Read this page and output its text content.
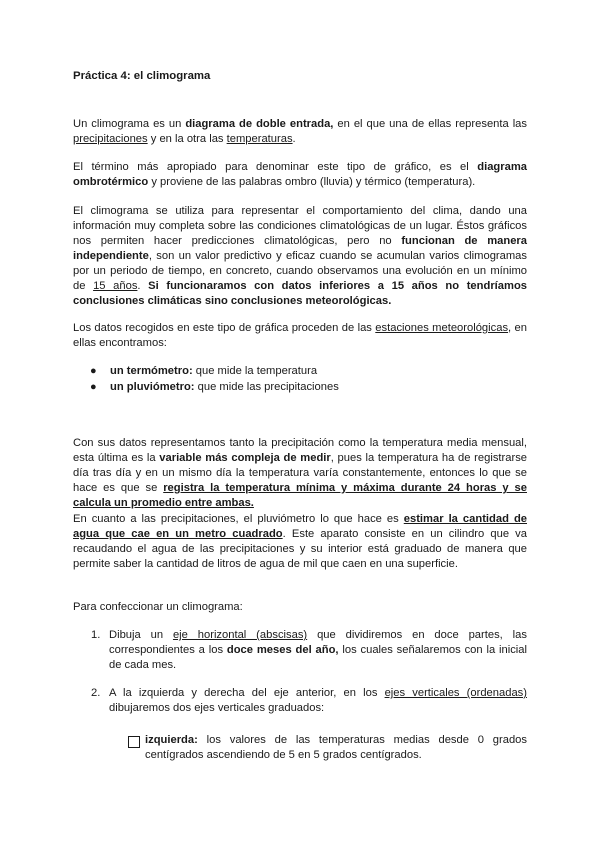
Práctica 4: el climograma

Un climograma es un diagrama de doble entrada, en el que una de ellas representa las precipitaciones y en la otra las temperaturas.

El término más apropiado para denominar este tipo de gráfico, es el diagrama ombrotérmico y proviene de las palabras ombro (lluvia) y térmico (temperatura).

El climograma se utiliza para representar el comportamiento del clima, dando una información muy completa sobre las condiciones climatológicas de un lugar. Éstos gráficos nos permiten hacer predicciones climatológicas, pero no funcionan de manera independiente, son un valor predictivo y eficaz cuando se acumulan varios climogramas por un periodo de tiempo, en concreto, cuando observamos una evolución en un mínimo de 15 años. Si funcionaramos con datos inferiores a 15 años no tendríamos conclusiones climáticas sino conclusiones meteorológicas.

Los datos recogidos en este tipo de gráfica proceden de las estaciones meteorológicas, en ellas encontramos:

● un termómetro: que mide la temperatura
● un pluviómetro: que mide las precipitaciones

Con sus datos representamos tanto la precipitación como la temperatura media mensual, esta última es la variable más compleja de medir, pues la temperatura ha de registrarse día tras día y en un mismo día la temperatura varía constantemente, entonces lo que se hace es que se registra la temperatura mínima y máxima durante 24 horas y se calcula un promedio entre ambas.

En cuanto a las precipitaciones, el pluviómetro lo que hace es estimar la cantidad de agua que cae en un metro cuadrado. Este aparato consiste en un cilindro que va recaudando el agua de las precipitaciones y su interior está graduado de manera que permite saber la cantidad de litros de agua de mil que caen en una superficie.

Para confeccionar un climograma:

1. Dibuja un eje horizontal (abscisas) que dividiremos en doce partes, las correspondientes a los doce meses del año, los cuales señalaremos con la inicial de cada mes.

2. A la izquierda y derecha del eje anterior, en los ejes verticales (ordenadas) dibujaremos dos ejes verticales graduados:

izquierda: los valores de las temperaturas medias desde 0 grados centígrados ascendiendo de 5 en 5 grados centígrados.
